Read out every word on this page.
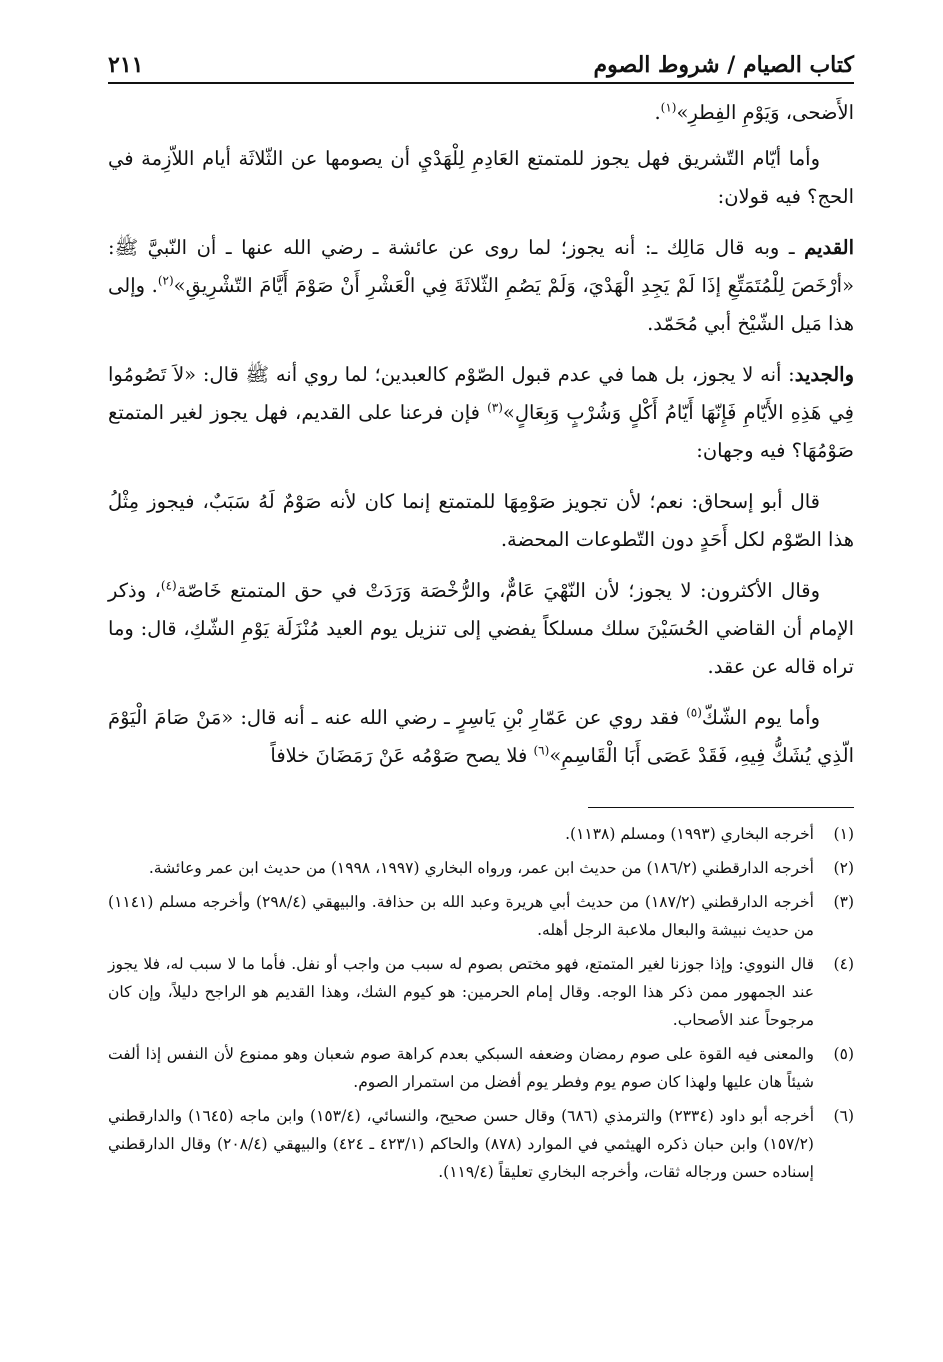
كتاب الصيام / شروط الصوم
٢١١

الأَضحى، وَيَوْمِ الفِطرِ»$^{(١)}$.

وأما أيّام التّشريق فهل يجوز للمتمتع العَادِمِ لِلْهَدْيِ أن يصومها عن الثّلاثَة أيام اللاّزِمة في الحج؟ فيه قولان:

القديم ـ وبه قال مَالِك ـ: أنه يجوز؛ لما روى عن عائشة ـ رضي الله عنها ـ أن النّبيَّ ﷺ: «أرْخَصَ لِلْمُتَمَتِّعِ إذَا لَمْ يَجِدِ الْهَدْيَ، وَلَمْ يَصُمِ الثّلاثَةَ فِي الْعَشْرِ أَنْ صَوْمَ أَيَّامَ التّشْرِيقِ»$^{(٢)}$. وإلى هذا مَيل الشّيْخ أبي مُحَمّد.

والجديد: أنه لا يجوز، بل هما في عدم قبول الصّوْم كالعبدين؛ لما روي أنه ﷺ قال: «لاَ تَصُومُوا فِي هَذِهِ الأَيّامِ فَإِنّهَا أَيّامُ أَكْلٍ وَشُرْبٍ وَبِعَالٍ»$^{(٣)}$ فإن فرعنا على القديم، فهل يجوز لغير المتمتع صَوْمُهَا؟ فيه وجهان:

قال أبو إسحاق: نعم؛ لأن تجويز صَوْمِهَا للمتمتع إنما كان لأنه صَوْمٌ لَهُ سَبَبٌ، فيجوز مِثْلُ هذا الصّوْم لكل أَحَدٍ دون التّطوعات المحضة.

وقال الأكثرون: لا يجوز؛ لأن النّهْيَ عَامٌّ، والرُّخْصَة وَرَدَتْ في حق المتمتع خَاصّة$^{(٤)}$، وذكر الإمام أن القاضي الحُسَيْنَ سلك مسلكاً يفضي إلى تنزيل يوم العيد مُنْزَلَة يَوْمِ الشّكِ، قال: وما تراه قاله عن عقد.

وأما يوم الشّكّ$^{(٥)}$ فقد روي عن عَمّارِ بْنِ يَاسِرٍ ـ رضي الله عنه ـ أنه قال: «مَنْ صَامَ الْيَوْمَ الّذِي يُشَكُّ فِيهِ، فَقَدْ عَصَى أَبَا الْقَاسِمِ»$^{(٦)}$ فلا يصح صَوْمُه عَنْ رَمَضَانَ خلافاً

(١)
أخرجه البخاري (١٩٩٣) ومسلم (١١٣٨).
(٢)
أخرجه الدارقطني (١٨٦/٢) من حديث ابن عمر، ورواه البخاري (١٩٩٧، ١٩٩٨) من حديث ابن عمر وعائشة.
(٣)
أخرجه الدارقطني (١٨٧/٢) من حديث أبي هريرة وعبد الله بن حذافة. والبيهقي (٢٩٨/٤) وأخرجه مسلم (١١٤١) من حديث نبيشة والبعال ملاعبة الرجل أهله.
(٤)
قال النووي: وإذا جوزنا لغير المتمتع، فهو مختص بصوم له سبب من واجب أو نفل. فأما ما لا سبب له، فلا يجوز عند الجمهور ممن ذكر هذا الوجه. وقال إمام الحرمين: هو كيوم الشك، وهذا القديم هو الراجح دليلاً، وإن كان مرجوحاً عند الأصحاب.
(٥)
والمعنى فيه القوة على صوم رمضان وضعفه السبكي بعدم كراهة صوم شعبان وهو ممنوع لأن النفس إذا ألفت شيئاً هان عليها ولهذا كان صوم يوم وفطر يوم أفضل من استمرار الصوم.
(٦)
أخرجه أبو داود (٢٣٣٤) والترمذي (٦٨٦) وقال حسن صحيح، والنسائي، (١٥٣/٤) وابن ماجه (١٦٤٥) والدارقطني (١٥٧/٢) وابن حبان ذكره الهيثمي في الموارد (٨٧٨) والحاكم (٤٢٣/١ ـ ٤٢٤) والبيهقي (٢٠٨/٤) وقال الدارقطني إسناده حسن ورجاله ثقات، وأخرجه البخاري تعليقاً (١١٩/٤).
